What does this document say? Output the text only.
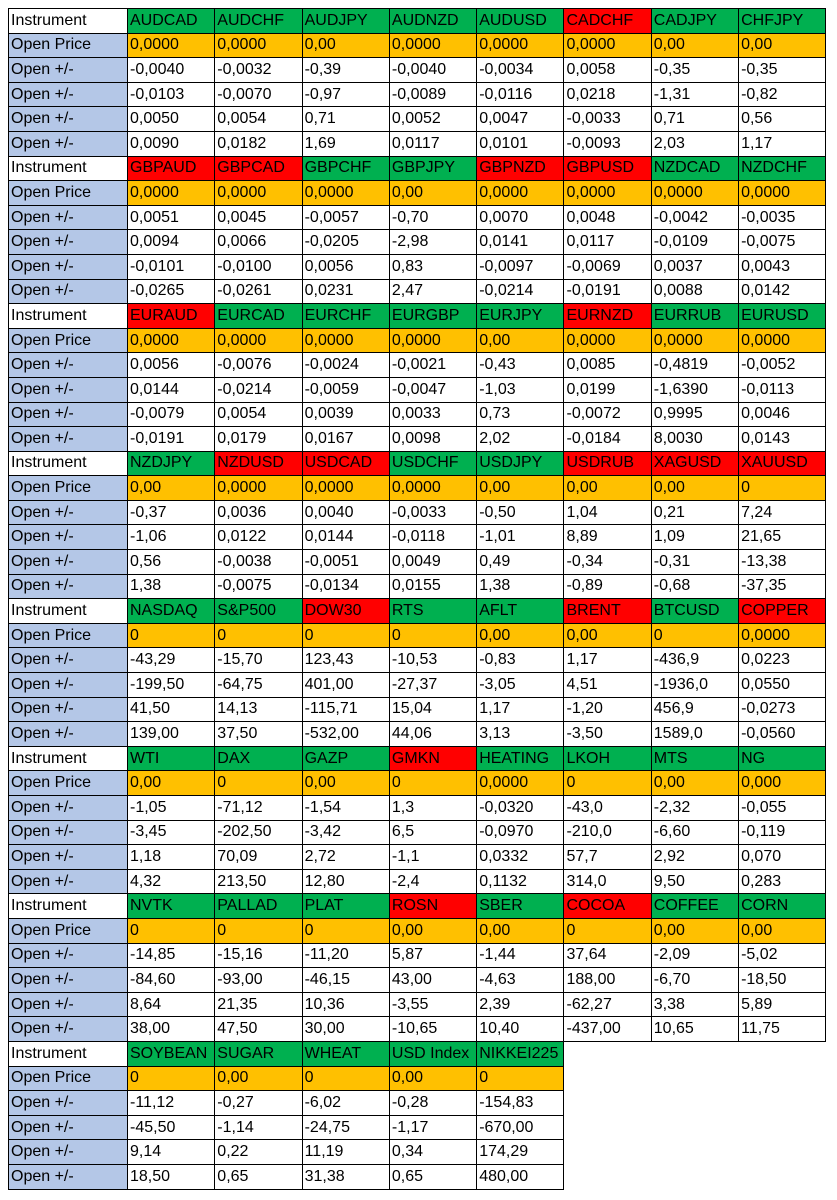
Instrument	AUDCAD	AUDCHF	AUDJPY	AUDNZD	AUDUSD	CADCHF	CADJPY	CHFJPY
Open Price	0,0000	0,0000	0,00	0,0000	0,0000	0,0000	0,00	0,00
Open +/-	-0,0040	-0,0032	-0,39	-0,0040	-0,0034	0,0058	-0,35	-0,35
Open +/-	-0,0103	-0,0070	-0,97	-0,0089	-0,0116	0,0218	-1,31	-0,82
Open +/-	0,0050	0,0054	0,71	0,0052	0,0047	-0,0033	0,71	0,56
Open +/-	0,0090	0,0182	1,69	0,0117	0,0101	-0,0093	2,03	1,17
Instrument	GBPAUD	GBPCAD	GBPCHF	GBPJPY	GBPNZD	GBPUSD	NZDCAD	NZDCHF
Open Price	0,0000	0,0000	0,0000	0,00	0,0000	0,0000	0,0000	0,0000
Open +/-	0,0051	0,0045	-0,0057	-0,70	0,0070	0,0048	-0,0042	-0,0035
Open +/-	0,0094	0,0066	-0,0205	-2,98	0,0141	0,0117	-0,0109	-0,0075
Open +/-	-0,0101	-0,0100	0,0056	0,83	-0,0097	-0,0069	0,0037	0,0043
Open +/-	-0,0265	-0,0261	0,0231	2,47	-0,0214	-0,0191	0,0088	0,0142
Instrument	EURAUD	EURCAD	EURCHF	EURGBP	EURJPY	EURNZD	EURRUB	EURUSD
Open Price	0,0000	0,0000	0,0000	0,0000	0,00	0,0000	0,0000	0,0000
Open +/-	0,0056	-0,0076	-0,0024	-0,0021	-0,43	0,0085	-0,4819	-0,0052
Open +/-	0,0144	-0,0214	-0,0059	-0,0047	-1,03	0,0199	-1,6390	-0,0113
Open +/-	-0,0079	0,0054	0,0039	0,0033	0,73	-0,0072	0,9995	0,0046
Open +/-	-0,0191	0,0179	0,0167	0,0098	2,02	-0,0184	8,0030	0,0143
Instrument	NZDJPY	NZDUSD	USDCAD	USDCHF	USDJPY	USDRUB	XAGUSD	XAUUSD
Open Price	0,00	0,0000	0,0000	0,0000	0,00	0,00	0,00	0
Open +/-	-0,37	0,0036	0,0040	-0,0033	-0,50	1,04	0,21	7,24
Open +/-	-1,06	0,0122	0,0144	-0,0118	-1,01	8,89	1,09	21,65
Open +/-	0,56	-0,0038	-0,0051	0,0049	0,49	-0,34	-0,31	-13,38
Open +/-	1,38	-0,0075	-0,0134	0,0155	1,38	-0,89	-0,68	-37,35
Instrument	NASDAQ	S&P500	DOW30	RTS	AFLT	BRENT	BTCUSD	COPPER
Open Price	0	0	0	0	0,00	0,00	0	0,0000
Open +/-	-43,29	-15,70	123,43	-10,53	-0,83	1,17	-436,9	0,0223
Open +/-	-199,50	-64,75	401,00	-27,37	-3,05	4,51	-1936,0	0,0550
Open +/-	41,50	14,13	-115,71	15,04	1,17	-1,20	456,9	-0,0273
Open +/-	139,00	37,50	-532,00	44,06	3,13	-3,50	1589,0	-0,0560
Instrument	WTI	DAX	GAZP	GMKN	HEATING	LKOH	MTS	NG
Open Price	0,00	0	0,00	0	0,0000	0	0,00	0,000
Open +/-	-1,05	-71,12	-1,54	1,3	-0,0320	-43,0	-2,32	-0,055
Open +/-	-3,45	-202,50	-3,42	6,5	-0,0970	-210,0	-6,60	-0,119
Open +/-	1,18	70,09	2,72	-1,1	0,0332	57,7	2,92	0,070
Open +/-	4,32	213,50	12,80	-2,4	0,1132	314,0	9,50	0,283
Instrument	NVTK	PALLAD	PLAT	ROSN	SBER	COCOA	COFFEE	CORN
Open Price	0	0	0	0,00	0,00	0	0,00	0,00
Open +/-	-14,85	-15,16	-11,20	5,87	-1,44	37,64	-2,09	-5,02
Open +/-	-84,60	-93,00	-46,15	43,00	-4,63	188,00	-6,70	-18,50
Open +/-	8,64	21,35	10,36	-3,55	2,39	-62,27	3,38	5,89
Open +/-	38,00	47,50	30,00	-10,65	10,40	-437,00	10,65	11,75
Instrument	SOYBEAN	SUGAR	WHEAT	USD Index	NIKKEI225			
Open Price	0	0,00	0	0,00	0			
Open +/-	-11,12	-0,27	-6,02	-0,28	-154,83			
Open +/-	-45,50	-1,14	-24,75	-1,17	-670,00			
Open +/-	9,14	0,22	11,19	0,34	174,29			
Open +/-	18,50	0,65	31,38	0,65	480,00			
